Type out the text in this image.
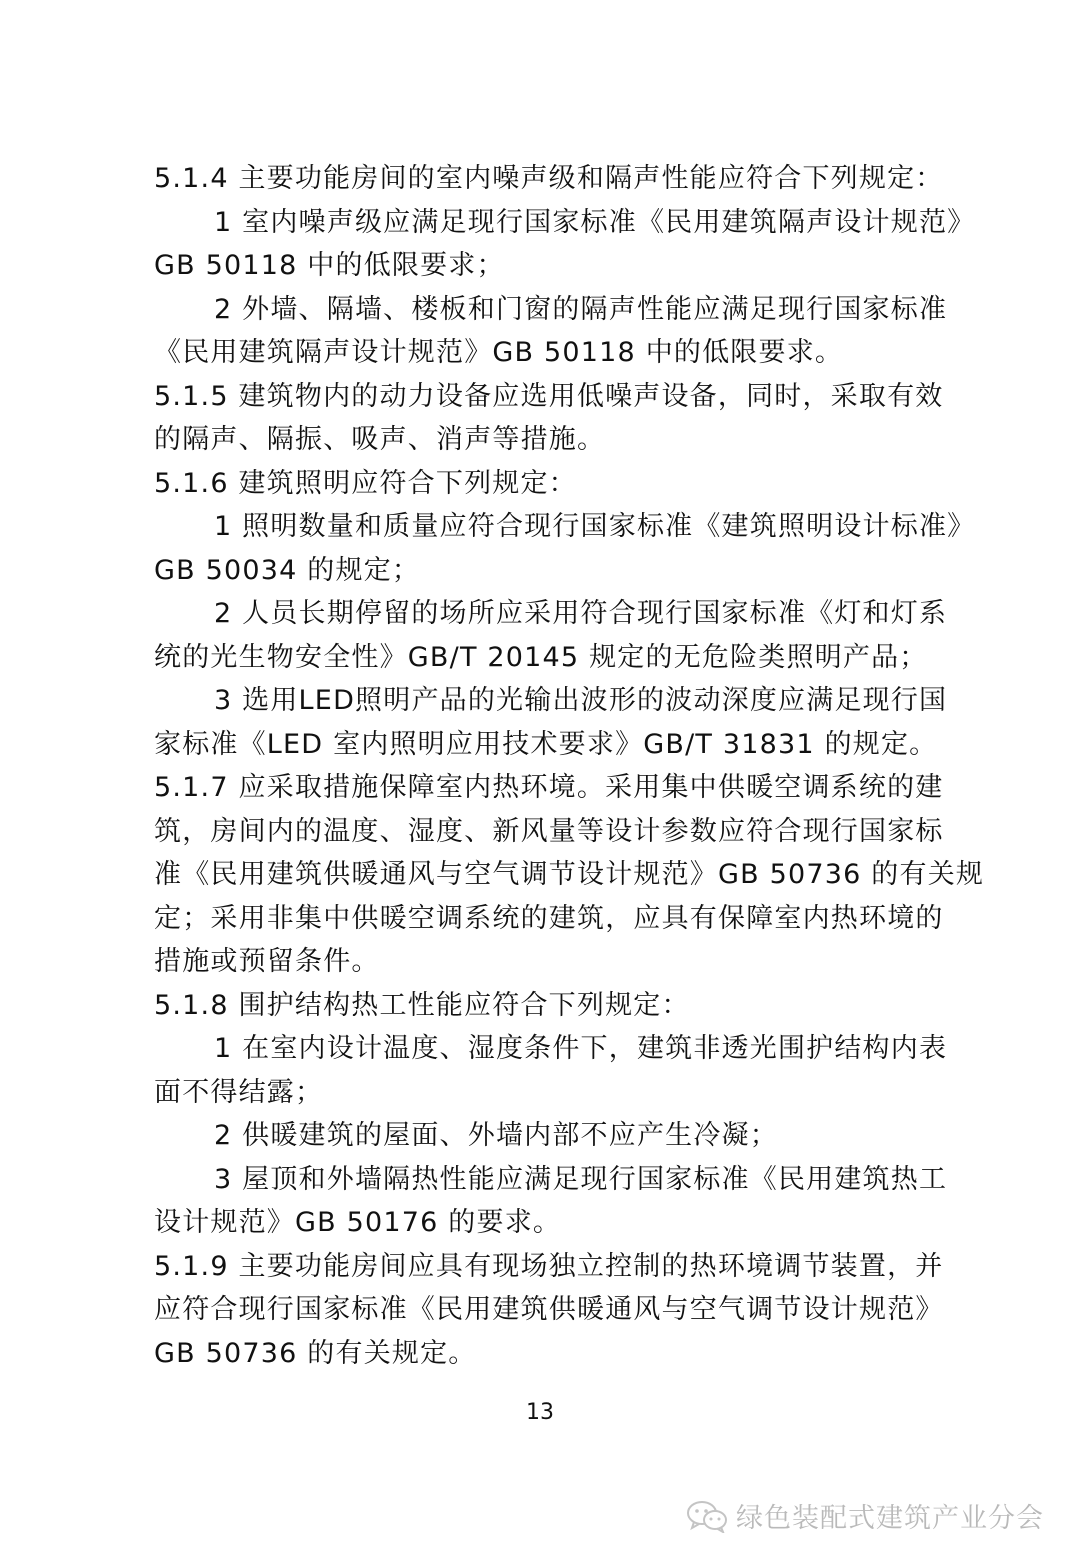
5.1.4 主要功能房间的室内噪声级和隔声性能应符合下列规定：
1 室内噪声级应满足现行国家标准《民用建筑隔声设计规范》
GB 50118 中的低限要求；
2 外墙、隔墙、楼板和门窗的隔声性能应满足现行国家标准
《民用建筑隔声设计规范》GB 50118 中的低限要求。
5.1.5 建筑物内的动力设备应选用低噪声设备，同时，采取有效
的隔声、隔振、吸声、消声等措施。
5.1.6 建筑照明应符合下列规定：
1 照明数量和质量应符合现行国家标准《建筑照明设计标准》
GB 50034 的规定；
2 人员长期停留的场所应采用符合现行国家标准《灯和灯系
统的光生物安全性》GB/T 20145 规定的无危险类照明产品；
3 选用LED照明产品的光输出波形的波动深度应满足现行国
家标准《LED 室内照明应用技术要求》GB/T 31831 的规定。
5.1.7 应采取措施保障室内热环境。采用集中供暖空调系统的建
筑，房间内的温度、湿度、新风量等设计参数应符合现行国家标
准《民用建筑供暖通风与空气调节设计规范》GB 50736 的有关规
定；采用非集中供暖空调系统的建筑，应具有保障室内热环境的
措施或预留条件。
5.1.8 围护结构热工性能应符合下列规定：
1 在室内设计温度、湿度条件下，建筑非透光围护结构内表
面不得结露；
2 供暖建筑的屋面、外墙内部不应产生冷凝；
3 屋顶和外墙隔热性能应满足现行国家标准《民用建筑热工
设计规范》GB 50176 的要求。
5.1.9 主要功能房间应具有现场独立控制的热环境调节装置，并
应符合现行国家标准《民用建筑供暖通风与空气调节设计规范》
GB 50736 的有关规定。
13
绿色装配式建筑产业分会
